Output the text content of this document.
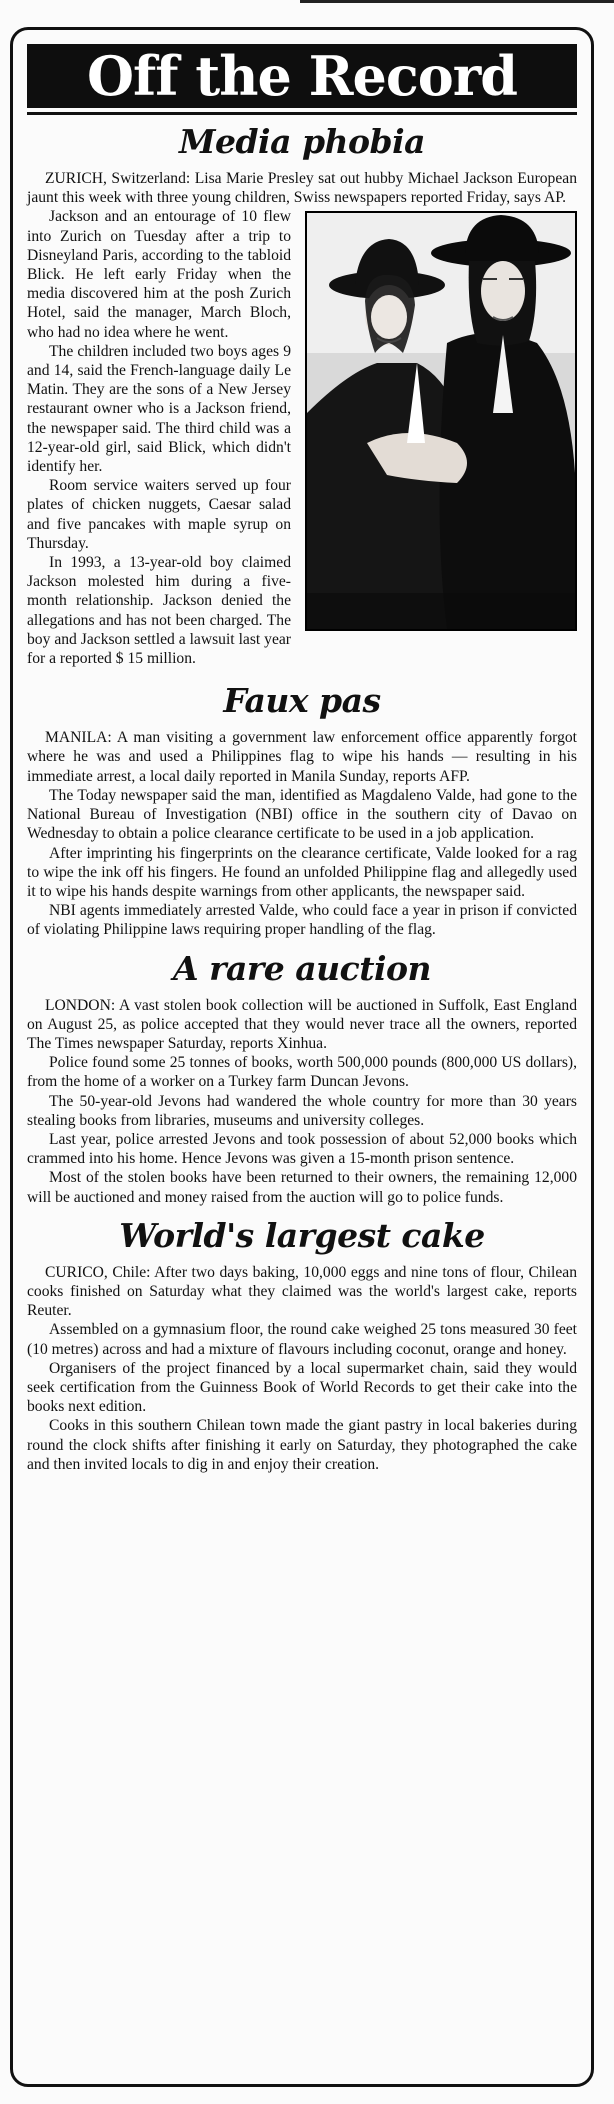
Off the Record
Media phobia

ZURICH, Switzerland: Lisa Marie Presley sat out hubby Michael Jackson European jaunt this week with three young children, Swiss newspapers reported Friday, says AP.

Jackson and an entourage of 10 flew into Zurich on Tuesday after a trip to Disneyland Paris, according to the tabloid Blick. He left early Friday when the media discovered him at the posh Zurich Hotel, said the manager, March Bloch, who had no idea where he went.

The children included two boys ages 9 and 14, said the French-language daily Le Matin. They are the sons of a New Jersey restaurant owner who is a Jackson friend, the newspaper said. The third child was a 12-year-old girl, said Blick, which didn't identify her.

Room service waiters served up four plates of chicken nuggets, Caesar salad and five pancakes with maple syrup on Thursday.

In 1993, a 13-year-old boy claimed Jackson molested him during a five-month relationship. Jackson denied the allegations and has not been charged. The boy and Jackson settled a lawsuit last year for a reported $ 15 million.

Faux pas

MANILA: A man visiting a government law enforcement office apparently forgot where he was and used a Philippines flag to wipe his hands — resulting in his immediate arrest, a local daily reported in Manila Sunday, reports AFP.

The Today newspaper said the man, identified as Magdaleno Valde, had gone to the National Bureau of Investigation (NBI) office in the southern city of Davao on Wednesday to obtain a police clearance certificate to be used in a job application.

After imprinting his fingerprints on the clearance certificate, Valde looked for a rag to wipe the ink off his fingers. He found an unfolded Philippine flag and allegedly used it to wipe his hands despite warnings from other applicants, the newspaper said.

NBI agents immediately arrested Valde, who could face a year in prison if convicted of violating Philippine laws requiring proper handling of the flag.

A rare auction

LONDON: A vast stolen book collection will be auctioned in Suffolk, East England on August 25, as police accepted that they would never trace all the owners, reported The Times newspaper Saturday, reports Xinhua.

Police found some 25 tonnes of books, worth 500,000 pounds (800,000 US dollars), from the home of a worker on a Turkey farm Duncan Jevons.

The 50-year-old Jevons had wandered the whole country for more than 30 years stealing books from libraries, museums and university colleges.

Last year, police arrested Jevons and took possession of about 52,000 books which crammed into his home. Hence Jevons was given a 15-month prison sentence.

Most of the stolen books have been returned to their owners, the remaining 12,000 will be auctioned and money raised from the auction will go to police funds.

World's largest cake

CURICO, Chile: After two days baking, 10,000 eggs and nine tons of flour, Chilean cooks finished on Saturday what they claimed was the world's largest cake, reports Reuter.

Assembled on a gymnasium floor, the round cake weighed 25 tons measured 30 feet (10 metres) across and had a mixture of flavours including coconut, orange and honey.

Organisers of the project financed by a local supermarket chain, said they would seek certification from the Guinness Book of World Records to get their cake into the books next edition.

Cooks in this southern Chilean town made the giant pastry in local bakeries during round the clock shifts after finishing it early on Saturday, they photographed the cake and then invited locals to dig in and enjoy their creation.
